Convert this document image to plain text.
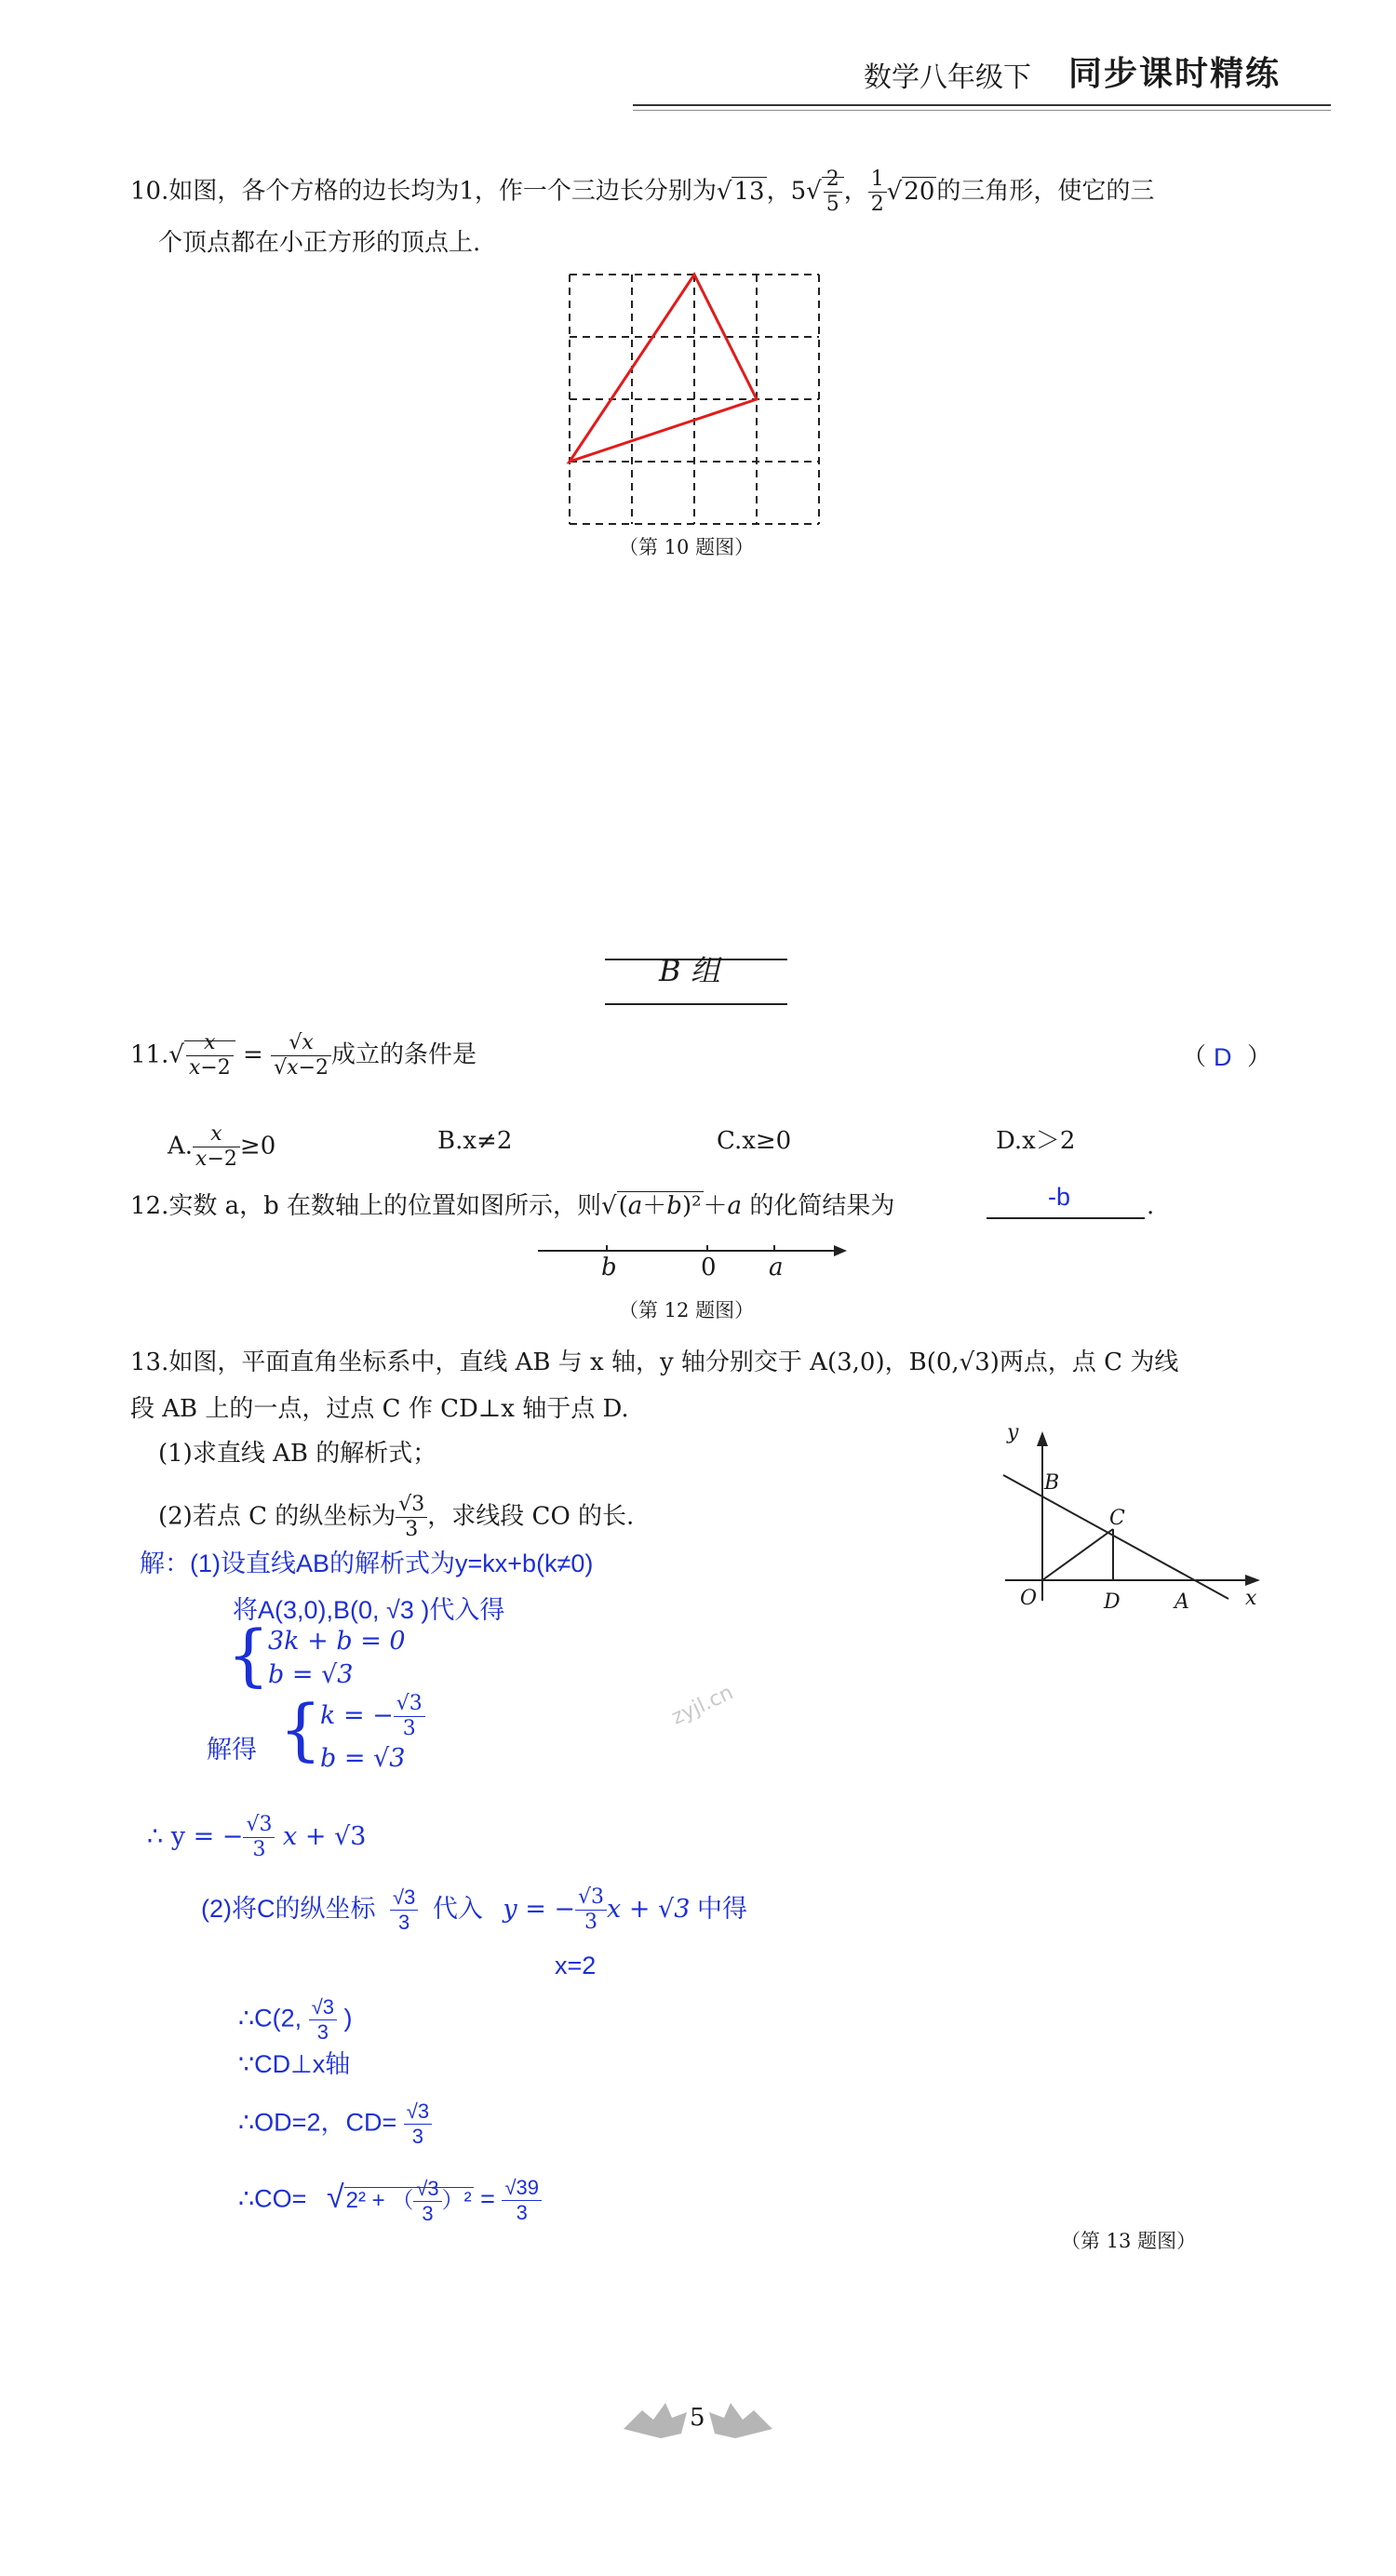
数学八年级下 同步课时精练
10.如图，各个方格的边长均为1，作一个三边长分别为√13，$5√ \frac{2}{5}$ ， $\frac{1}{2} √20$的三角形，使它的三
个顶点都在小正方形的顶点上.
（第 10 题图）
B 组
$11.√ \frac{x}{x-2} = \frac{√x}{√x-2}$ 成立的条件是	（ D ）
A. $\frac{x}{x-2} \ge 0$	B.x≠2	C.x≥0	D.x＞2
12.实数 a，b 在数轴上的位置如图所示，则√(a＋b)²＋a 的化简结果为	-b	.
b	0 a
（第 12 题图）
13.如图，平面直角坐标系中，直线 AB 与 x 轴，y 轴分别交于 A(3,0)，B(0,√3)两点，点 C 为线
段 AB 上的一点，过点 C 作 CD⊥x 轴于点 D.
(1)求直线 AB 的解析式；
(2)若点 C 的纵坐标为 $\frac{√3}{3}$ ，求线段 CO 的长.
y
B
C
O	D	A	x
解：(1)设直线AB的解析式为y=kx+b(k≠0)
将A(3,0),B(0, √3 )代入得
{
3k + b = 0
b = √3
解得 {
k = − $\frac{√3}{3}$
b = √3
∴ y = − $\frac{√3}{3}$ x + √3
(2)将C的纵坐标 $\frac{√3}{3}$ 代入 y = − $\frac{√3}{3}$ x + √3 中得
x=2
∴C(2, $\frac{√3}{3}$ )
∵CD⊥x轴
∴OD=2，$CD= \frac{√3}{3}$
∴CO= √2² + （ $\frac{√3}{3} )^2 = \frac{√39}{3}$
（第 13 题图）
zyjl.cn
5
